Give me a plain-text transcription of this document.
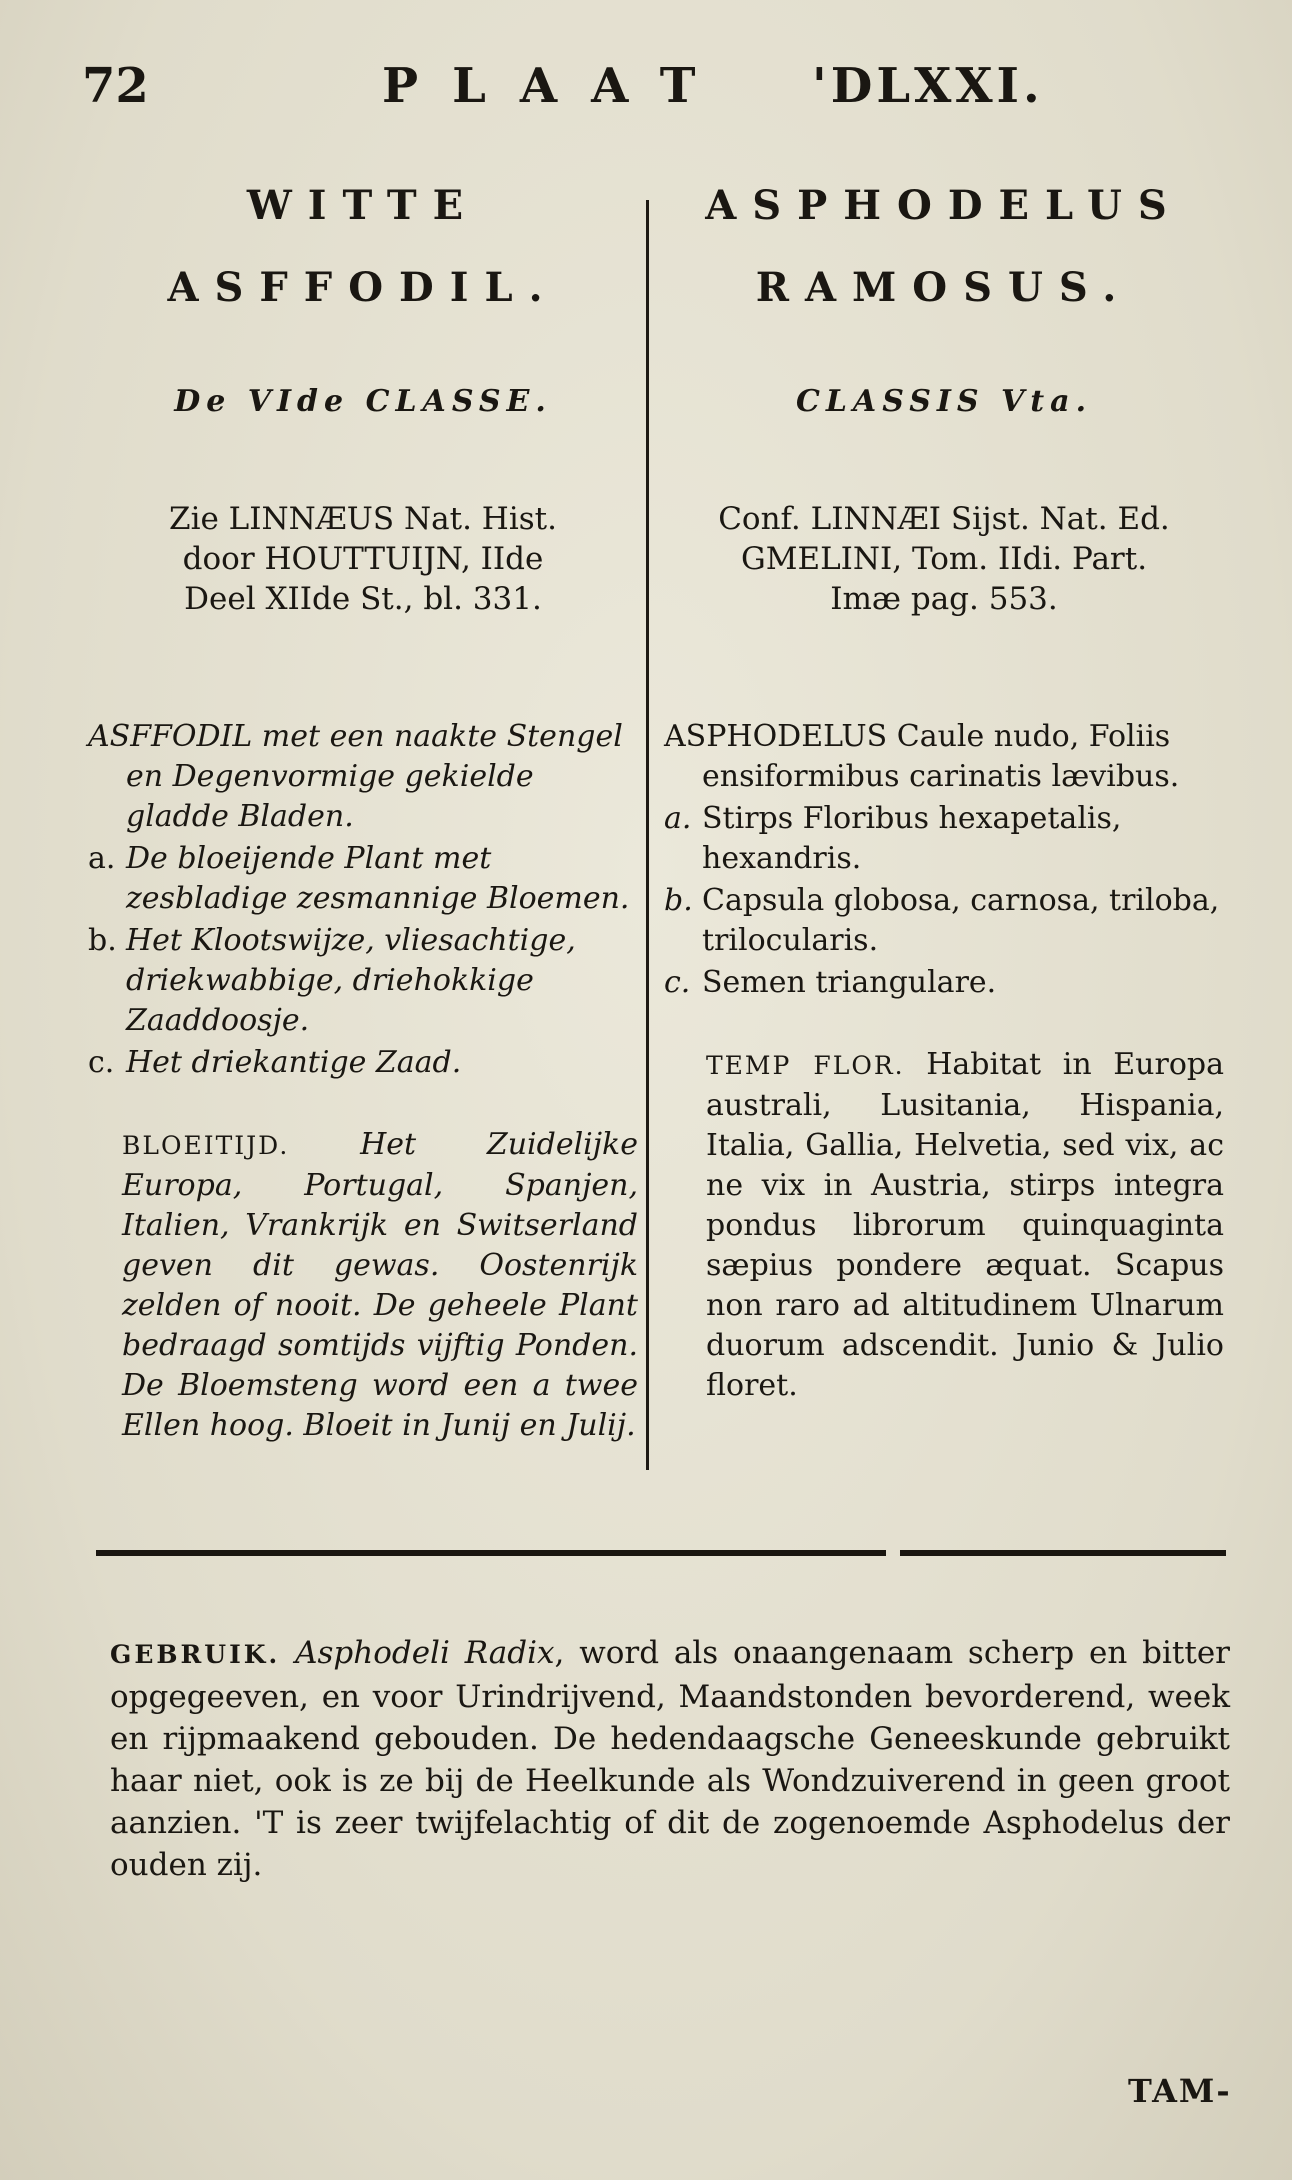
72	PLAAT 'DLXXI.
WITTE
ASFFODIL.
De VIde CLASSE.
Zie LINNÆUS Nat. Hist.
door HOUTTUIJN, IIde
Deel XIIde St., bl. 331.

ASFFODIL met een naakte Stengel en Degenvormige gekielde gladde Bladen.

a. De bloeijende Plant met zesbladige zesmannige Bloemen.

b. Het Klootswijze, vliesachtige, driekwabbige, driehokkige Zaaddoosje.

c. Het driekantige Zaad.

BLOEITIJD. Het Zuidelijke Europa, Portugal, Spanjen, Italien, Vrankrijk en Switserland geven dit gewas. Oostenrijk zelden of nooit. De geheele Plant bedraagd somtijds vijftig Ponden. De Bloemsteng word een a twee Ellen hoog. Bloeit in Junij en Julij.
ASPHODELUS
RAMOSUS.
CLASSIS Vta.
Conf. LINNÆI Sijst. Nat. Ed.
GMELINI, Tom. IIdi. Part.
Imæ pag. 553.

ASPHODELUS Caule nudo, Foliis ensiformibus carinatis lævibus.

a. Stirps Floribus hexapetalis, hexandris.

b. Capsula globosa, carnosa, triloba, trilocularis.

c. Semen triangulare.

TEMP FLOR. Habitat in Europa australi, Lusitania, Hispania, Italia, Gallia, Helvetia, sed vix, ac ne vix in Austria, stirps integra pondus librorum quinquaginta sæpius pondere æquat. Scapus non raro ad altitudinem Ulnarum duorum adscendit. Junio & Julio floret.
GEBRUIK. Asphodeli Radix, word als onaangenaam scherp en bitter opgegeeven, en voor Urindrijvend, Maandstonden bevorderend, week en rijpmaakend gebouden. De hedendaagsche Geneeskunde gebruikt haar niet, ook is ze bij de Heelkunde als Wondzuiverend in geen groot aanzien. 'T is zeer twijfelachtig of dit de zogenoemde Asphodelus der ouden zij.
TAM-
